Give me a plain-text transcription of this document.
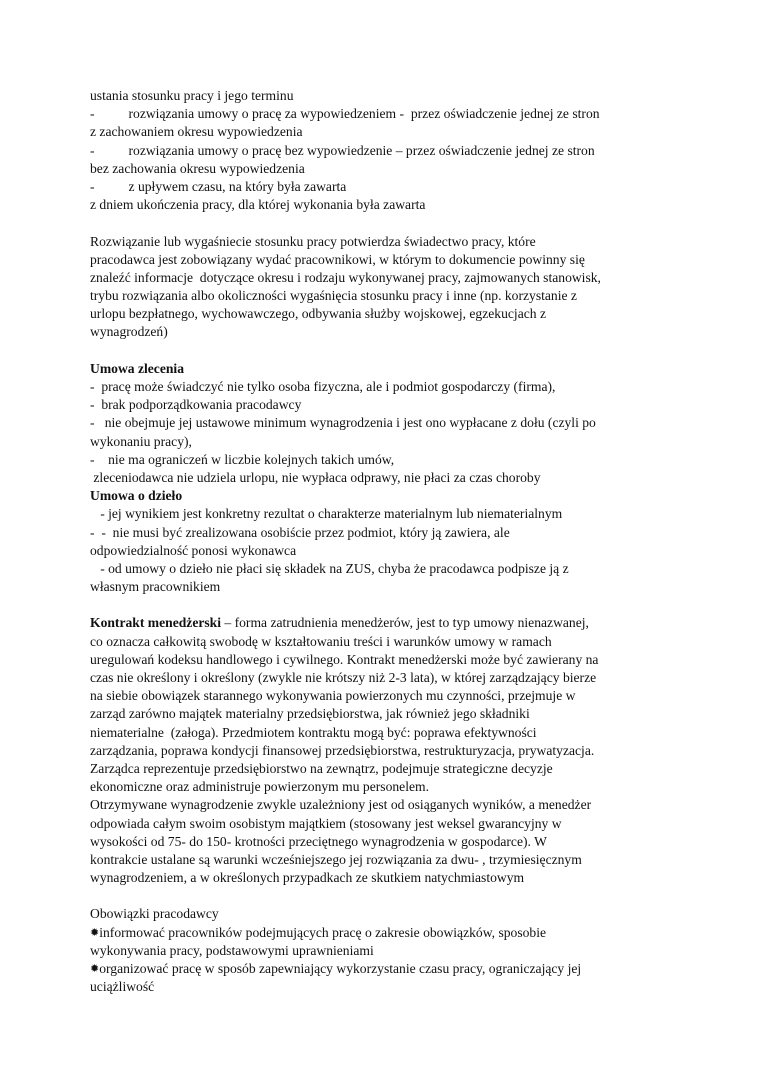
ustania stosunku pracy i jego terminu
-          rozwiązania umowy o pracę za wypowiedzeniem -  przez oświadczenie jednej ze stron
z zachowaniem okresu wypowiedzenia
-          rozwiązania umowy o pracę bez wypowiedzenie – przez oświadczenie jednej ze stron
bez zachowania okresu wypowiedzenia
-          z upływem czasu, na który była zawarta
z dniem ukończenia pracy, dla której wykonania była zawarta
Rozwiązanie lub wygaśniecie stosunku pracy potwierdza świadectwo pracy, które
pracodawca jest zobowiązany wydać pracownikowi, w którym to dokumencie powinny się
znaleźć informacje  dotyczące okresu i rodzaju wykonywanej pracy, zajmowanych stanowisk,
trybu rozwiązania albo okoliczności wygaśnięcia stosunku pracy i inne (np. korzystanie z
urlopu bezpłatnego, wychowawczego, odbywania służby wojskowej, egzekucjach z
wynagrodzeń)
Umowa zlecenia
-  pracę może świadczyć nie tylko osoba fizyczna, ale i podmiot gospodarczy (firma),
-  brak podporządkowania pracodawcy
-   nie obejmuje jej ustawowe minimum wynagrodzenia i jest ono wypłacane z dołu (czyli po
wykonaniu pracy),
-    nie ma ograniczeń w liczbie kolejnych takich umów,
zleceniodawca nie udziela urlopu, nie wypłaca odprawy, nie płaci za czas choroby
Umowa o dzieło
- jej wynikiem jest konkretny rezultat o charakterze materialnym lub niematerialnym
-  -  nie musi być zrealizowana osobiście przez podmiot, który ją zawiera, ale
odpowiedzialność ponosi wykonawca
- od umowy o dzieło nie płaci się składek na ZUS, chyba że pracodawca podpisze ją z
własnym pracownikiem
Kontrakt menedżerski – forma zatrudnienia menedżerów, jest to typ umowy nienazwanej,
co oznacza całkowitą swobodę w kształtowaniu treści i warunków umowy w ramach
uregulowań kodeksu handlowego i cywilnego. Kontrakt menedżerski może być zawierany na
czas nie określony i określony (zwykle nie krótszy niż 2-3 lata), w której zarządzający bierze
na siebie obowiązek starannego wykonywania powierzonych mu czynności, przejmuje w
zarząd zarówno majątek materialny przedsiębiorstwa, jak również jego składniki
niematerialne  (załoga). Przedmiotem kontraktu mogą być: poprawa efektywności
zarządzania, poprawa kondycji finansowej przedsiębiorstwa, restrukturyzacja, prywatyzacja.
Zarządca reprezentuje przedsiębiorstwo na zewnątrz, podejmuje strategiczne decyzje
ekonomiczne oraz administruje powierzonym mu personelem.
Otrzymywane wynagrodzenie zwykle uzależniony jest od osiąganych wyników, a menedżer
odpowiada całym swoim osobistym majątkiem (stosowany jest weksel gwarancyjny w
wysokości od 75- do 150- krotności przeciętnego wynagrodzenia w gospodarce). W
kontrakcie ustalane są warunki wcześniejszego jej rozwiązania za dwu- , trzymiesięcznym
wynagrodzeniem, a w określonych przypadkach ze skutkiem natychmiastowym
Obowiązki pracodawcy
✹informować pracowników podejmujących pracę o zakresie obowiązków, sposobie
wykonywania pracy, podstawowymi uprawnieniami
✹organizować pracę w sposób zapewniający wykorzystanie czasu pracy, ograniczający jej
uciążliwość
